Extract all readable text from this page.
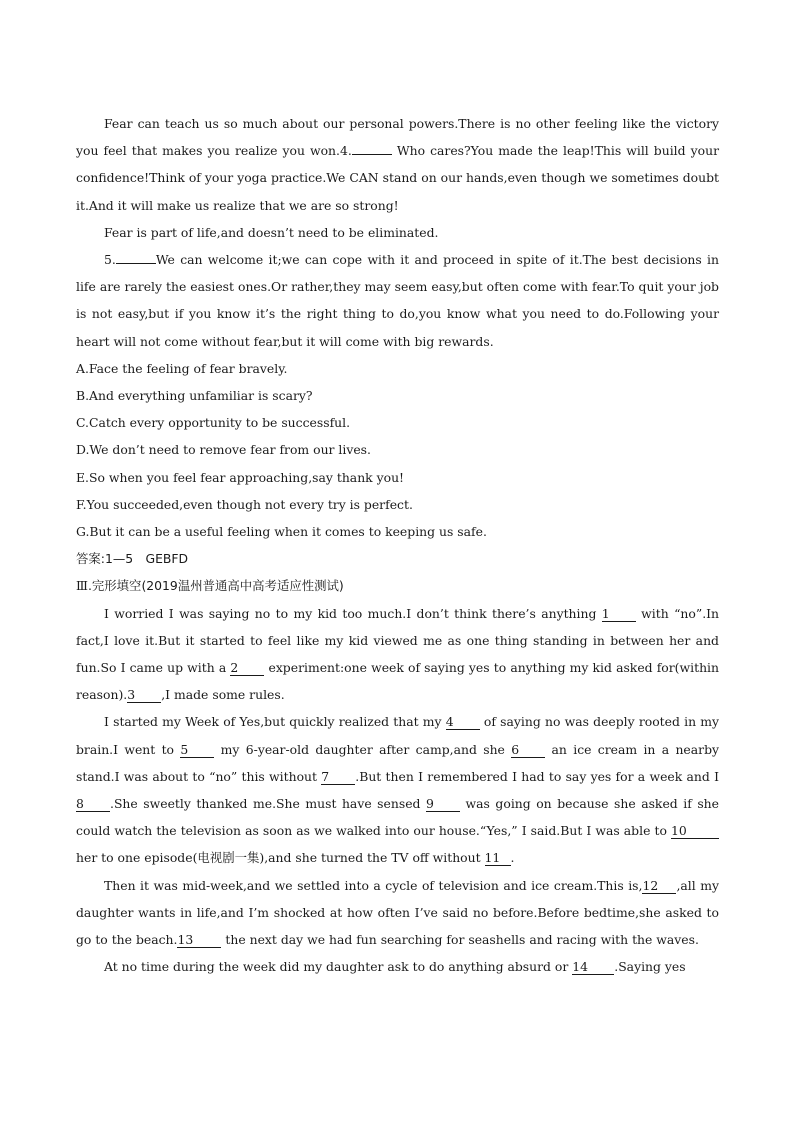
Fear can teach us so much about our personal powers.There is no other feeling like the victory you feel that makes you realize you won.4.	Who cares?You made the leap!This will build your confidence!Think of your yoga practice.We CAN stand on our hands,even though we sometimes doubt it.And it will make us realize that we are so strong!

Fear is part of life,and doesn’t need to be eliminated.

5.	We can welcome it;we can cope with it and proceed in spite of it.The best decisions in life are rarely the easiest ones.Or rather,they may seem easy,but often come with fear.To quit your job is not easy,but if you know it’s the right thing to do,you know what you need to do.Following your heart will not come without fear,but it will come with big rewards.

A.Face the feeling of fear bravely.

B.And everything unfamiliar is scary?

C.Catch every opportunity to be successful.

D.We don’t need to remove fear from our lives.

E.So when you feel fear approaching,say thank you!

F.You succeeded,even though not every try is perfect.

G.But it can be a useful feeling when it comes to keeping us safe.

答案:1—5　GEBFD

Ⅲ.完形填空(2019温州普通高中高考适应性测试)

I worried I was saying no to my kid too much.I don’t think there’s anything 1 with “no”.In fact,I love it.But it started to feel like my kid viewed me as one thing standing in between her and fun.So I came up with a 2 experiment:one week of saying yes to anything my kid asked for(within reason).3 ,I made some rules.

I started my Week of Yes,but quickly realized that my 4 of saying no was deeply rooted in my brain.I went to 5 my 6-year-old daughter after camp,and she 6 an ice cream in a nearby stand.I was about to “no” this without 7 .But then I remembered I had to say yes for a week and I 8 .She sweetly thanked me.She must have sensed 9 was going on because she asked if she could watch the television as soon as we walked into our house.“Yes,” I said.But I was able to 10 her to one episode(电视剧一集),and she turned the TV off without 11 .

Then it was mid-week,and we settled into a cycle of television and ice cream.This is,12 ,all my daughter wants in life,and I’m shocked at how often I’ve said no before.Before bedtime,she asked to go to the beach.13 the next day we had fun searching for seashells and racing with the waves.

At no time during the week did my daughter ask to do anything absurd or 14 .Saying yes
